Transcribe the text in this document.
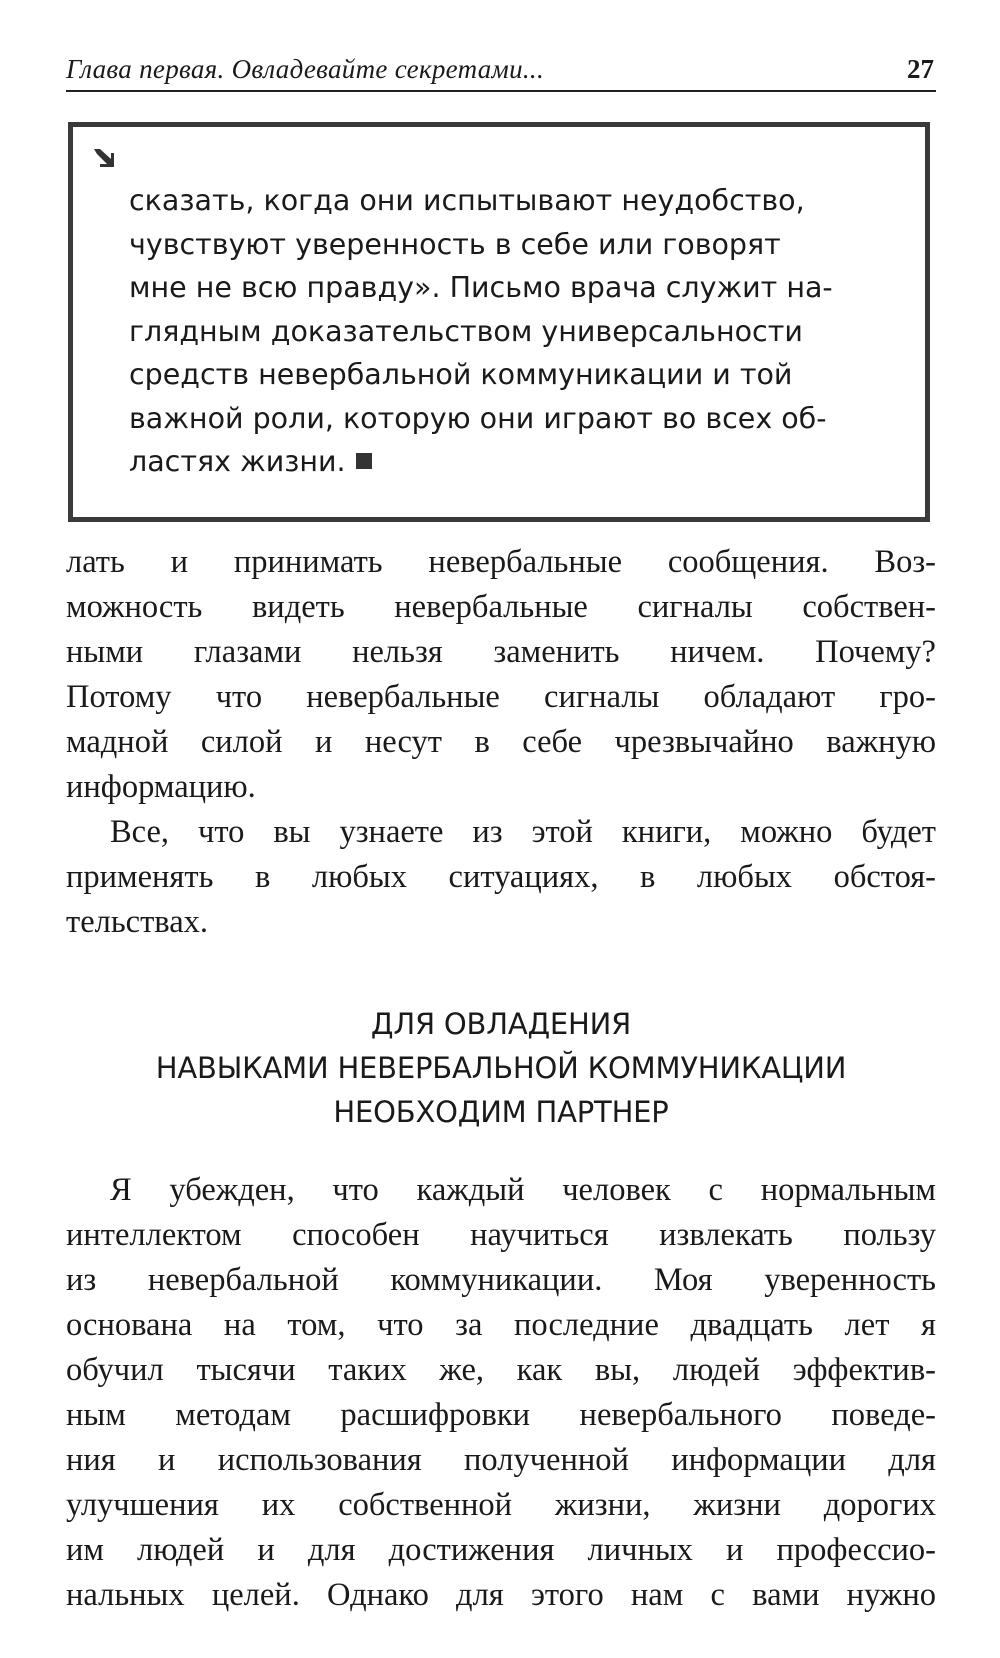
Глава первая. Овладевайте секретами...	27

сказать, когда они испытывают неудобство,
чувствуют уверенность в себе или говорят
мне не всю правду». Письмо врача служит на-
глядным доказательством универсальности
средств невербальной коммуникации и той
важной роли, которую они играют во всех об-
ластях жизни.

лать и принимать невербальные сообщения. Воз-
можность видеть невербальные сигналы собствен-
ными глазами нельзя заменить ничем. Почему?
Потому что невербальные сигналы обладают гро-
мадной силой и несут в себе чрезвычайно важную
информацию.

Все, что вы узнаете из этой книги, можно будет
применять в любых ситуациях, в любых обстоя-
тельствах.

ДЛЯ ОВЛАДЕНИЯ
НАВЫКАМИ НЕВЕРБАЛЬНОЙ КОММУНИКАЦИИ
НЕОБХОДИМ ПАРТНЕР

Я убежден, что каждый человек с нормальным
интеллектом способен научиться извлекать пользу
из невербальной коммуникации. Моя уверенность
основана на том, что за последние двадцать лет я
обучил тысячи таких же, как вы, людей эффектив-
ным методам расшифровки невербального поведе-
ния и использования полученной информации для
улучшения их собственной жизни, жизни дорогих
им людей и для достижения личных и профессио-
нальных целей. Однако для этого нам с вами нужно
